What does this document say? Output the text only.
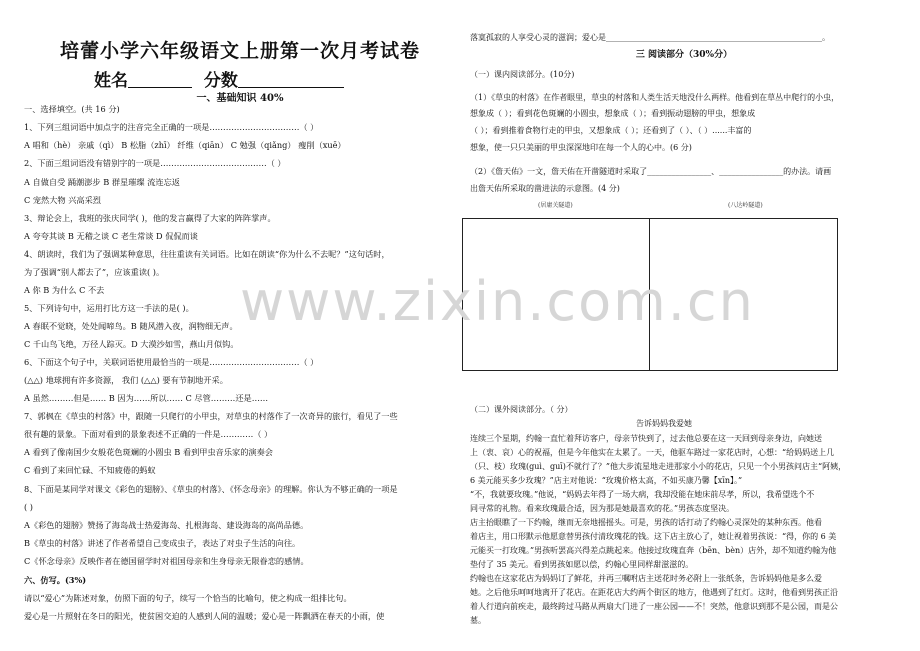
培蕾小学六年级语文上册第一次月考试卷
姓名	分数
一、基础知识 40%
一、选择填空。(共 16 分)
1、下列三组词语中加点字的注音完全正确的一项是……………………………（ ）
A 唱和（hè） 亲戚（qì） B 松脂（zhī） 纤维（qiān） C 勉强（qiǎng） 瘦削（xuē）
2、下面三组词语没有错别字的一项是…………………………………（ ）
A 自做自受 踊潮澎步 B 群星璀璨 流连忘返
C 宠然大物 兴高采烈
3、辩论会上，我班的张庆同学( )，他的发言赢得了大家的阵阵掌声。
A 夸夸其谈 B 无稽之谈 C 老生常谈 D 侃侃而谈
4、朗读时，我们为了强调某种意思，往往重读有关词语。比如在朗读“你为什么不去呢？”这句话时，
为了强调“别人都去了”，应该重读( )。
A 你 B 为什么 C 不去
5、下列诗句中，运用打比方这一手法的是( )。
A 春眠不觉晓，处处闻啼鸟。B 随风潜入夜，润物细无声。
C 千山鸟飞绝，万径人踪灭。D 大漠沙如雪，燕山月似钩。
6、下面这个句子中，关联词语使用最恰当的一项是……………………………（ ）
(△△) 地球拥有许多资源， 我们 (△△) 要有节制地开采。
A 虽然………但是…… B 因为……所以…… C 尽管………还是……
7、郭枫在《草虫的村落》中，跟随一只爬行的小甲虫，对草虫的村落作了一次奇异的旅行，看见了一些
很有趣的景象。下面对看到的景象表述不正确的一件是…………（ ）
A 看到了像南国少女般花色斑斓的小圆虫 B 看到甲虫音乐家的演奏会
C 看到了来回忙碌、不知疲倦的蚂蚁
8、下面是某同学对课文《彩色的翅膀》、《草虫的村落》、《怀念母亲》的理解。你认为不够正确的一项是
( )
A《彩色的翅膀》赞扬了海岛战士热爱海岛、扎根海岛、建设海岛的高尚品德。
B《草虫的村落》讲述了作者希望自己变成虫子，表达了对虫子生活的向往。
C《怀念母亲》反映作者在德国留学时对祖国母亲和生身母亲无限眷恋的感情。
六、仿写。(3%)
请以“爱心”为陈述对象，仿照下面的句子，续写一个恰当的比喻句，使之构成一组排比句。
爱心是一片照射在冬日的阳光，使贫困交迫的人感到人间的温暖；爱心是一阵飘洒在春天的小雨，使
落寞孤寂的人享受心灵的滋润；爱心是______________________________________________________。
三 阅读部分（30%分）
（一）课内阅读部分。(10分)
（1）《草虫的村落》在作者眼里，草虫的村落和人类生活天地没什么两样。他看到在草丛中爬行的小虫，
想象成（ ）；看到花色斑斓的小圆虫，想象成（ ）；看到振动翅膀的甲虫，想象成
（ ）；看到推着食物行走的甲虫，又想象成（ ）；还看到了（ ）、（ ）......丰富的
想象，使一只只美丽的甲虫深深地印在每一个人的心中。(6 分)
（2）《詹天佑》一文，詹天佑在开凿隧道时采取了________________、________________的办法。请画
出詹天佑所采取的凿进法的示意图。(4 分)
(居庸关隧道)	(八达岭隧道)
（二）课外阅读部分。（ 分）
告诉妈妈我爱她
连续三个星期，约翰一直忙着拜访客户，母亲节快到了，过去他总要在这一天回到母亲身边，向她送
上（衷、哀）心的祝福，但是今年他实在太累了。一天，他驱车路过一家花店时，心想：“给妈妈送上几
（只、枝）玫瑰(guì、guī)不就行了？”他大步流星地走进那家小小的花店，只见一个小男孩问店主“阿姨，
6 美元能买多少玫瑰？”店主对他说：“玫瑰价格太高，不如买康乃馨【xīn】。”
“不，我就要玫瑰。”他说，“妈妈去年得了一场大病，我却没能在她床前尽孝，所以，我希望选个不
同寻常的礼物。看来玫瑰最合适，因为那是她最喜欢的花。”男孩态度坚决。
店主抬眼瞧了一下约翰，继而无奈地摇摇头。可是，男孩的话打动了约翰心灵深处的某种东西。他看
着店主，用口形默示他愿意替男孩付清玫瑰花的钱。这下店主放心了，她让视着男孩说：“得，你的 6 美
元能买一打玫瑰。”男孩听罢高兴得差点跳起来。他接过玫瑰直奔（bēn、bèn）店外，却不知道约翰为他
垫付了 35 美元。看到男孩如愿以偿，约翰心里同样甜滋滋的。
约翰也在这家花店为妈妈订了鲜花，并再三嘱咐店主送花时务必附上一张纸条，告诉妈妈他是多么爱
她。之后他乐呵呵地离开了花店。在距花店大约两个街区的地方，他遇到了红灯。这时，他看到男孩正沿
着人行道向前疾走，最终跨过马路从两扇大门进了一座公园——不！突然，他意识到那不是公园，而是公
墓。
www.zixin.com.cn
